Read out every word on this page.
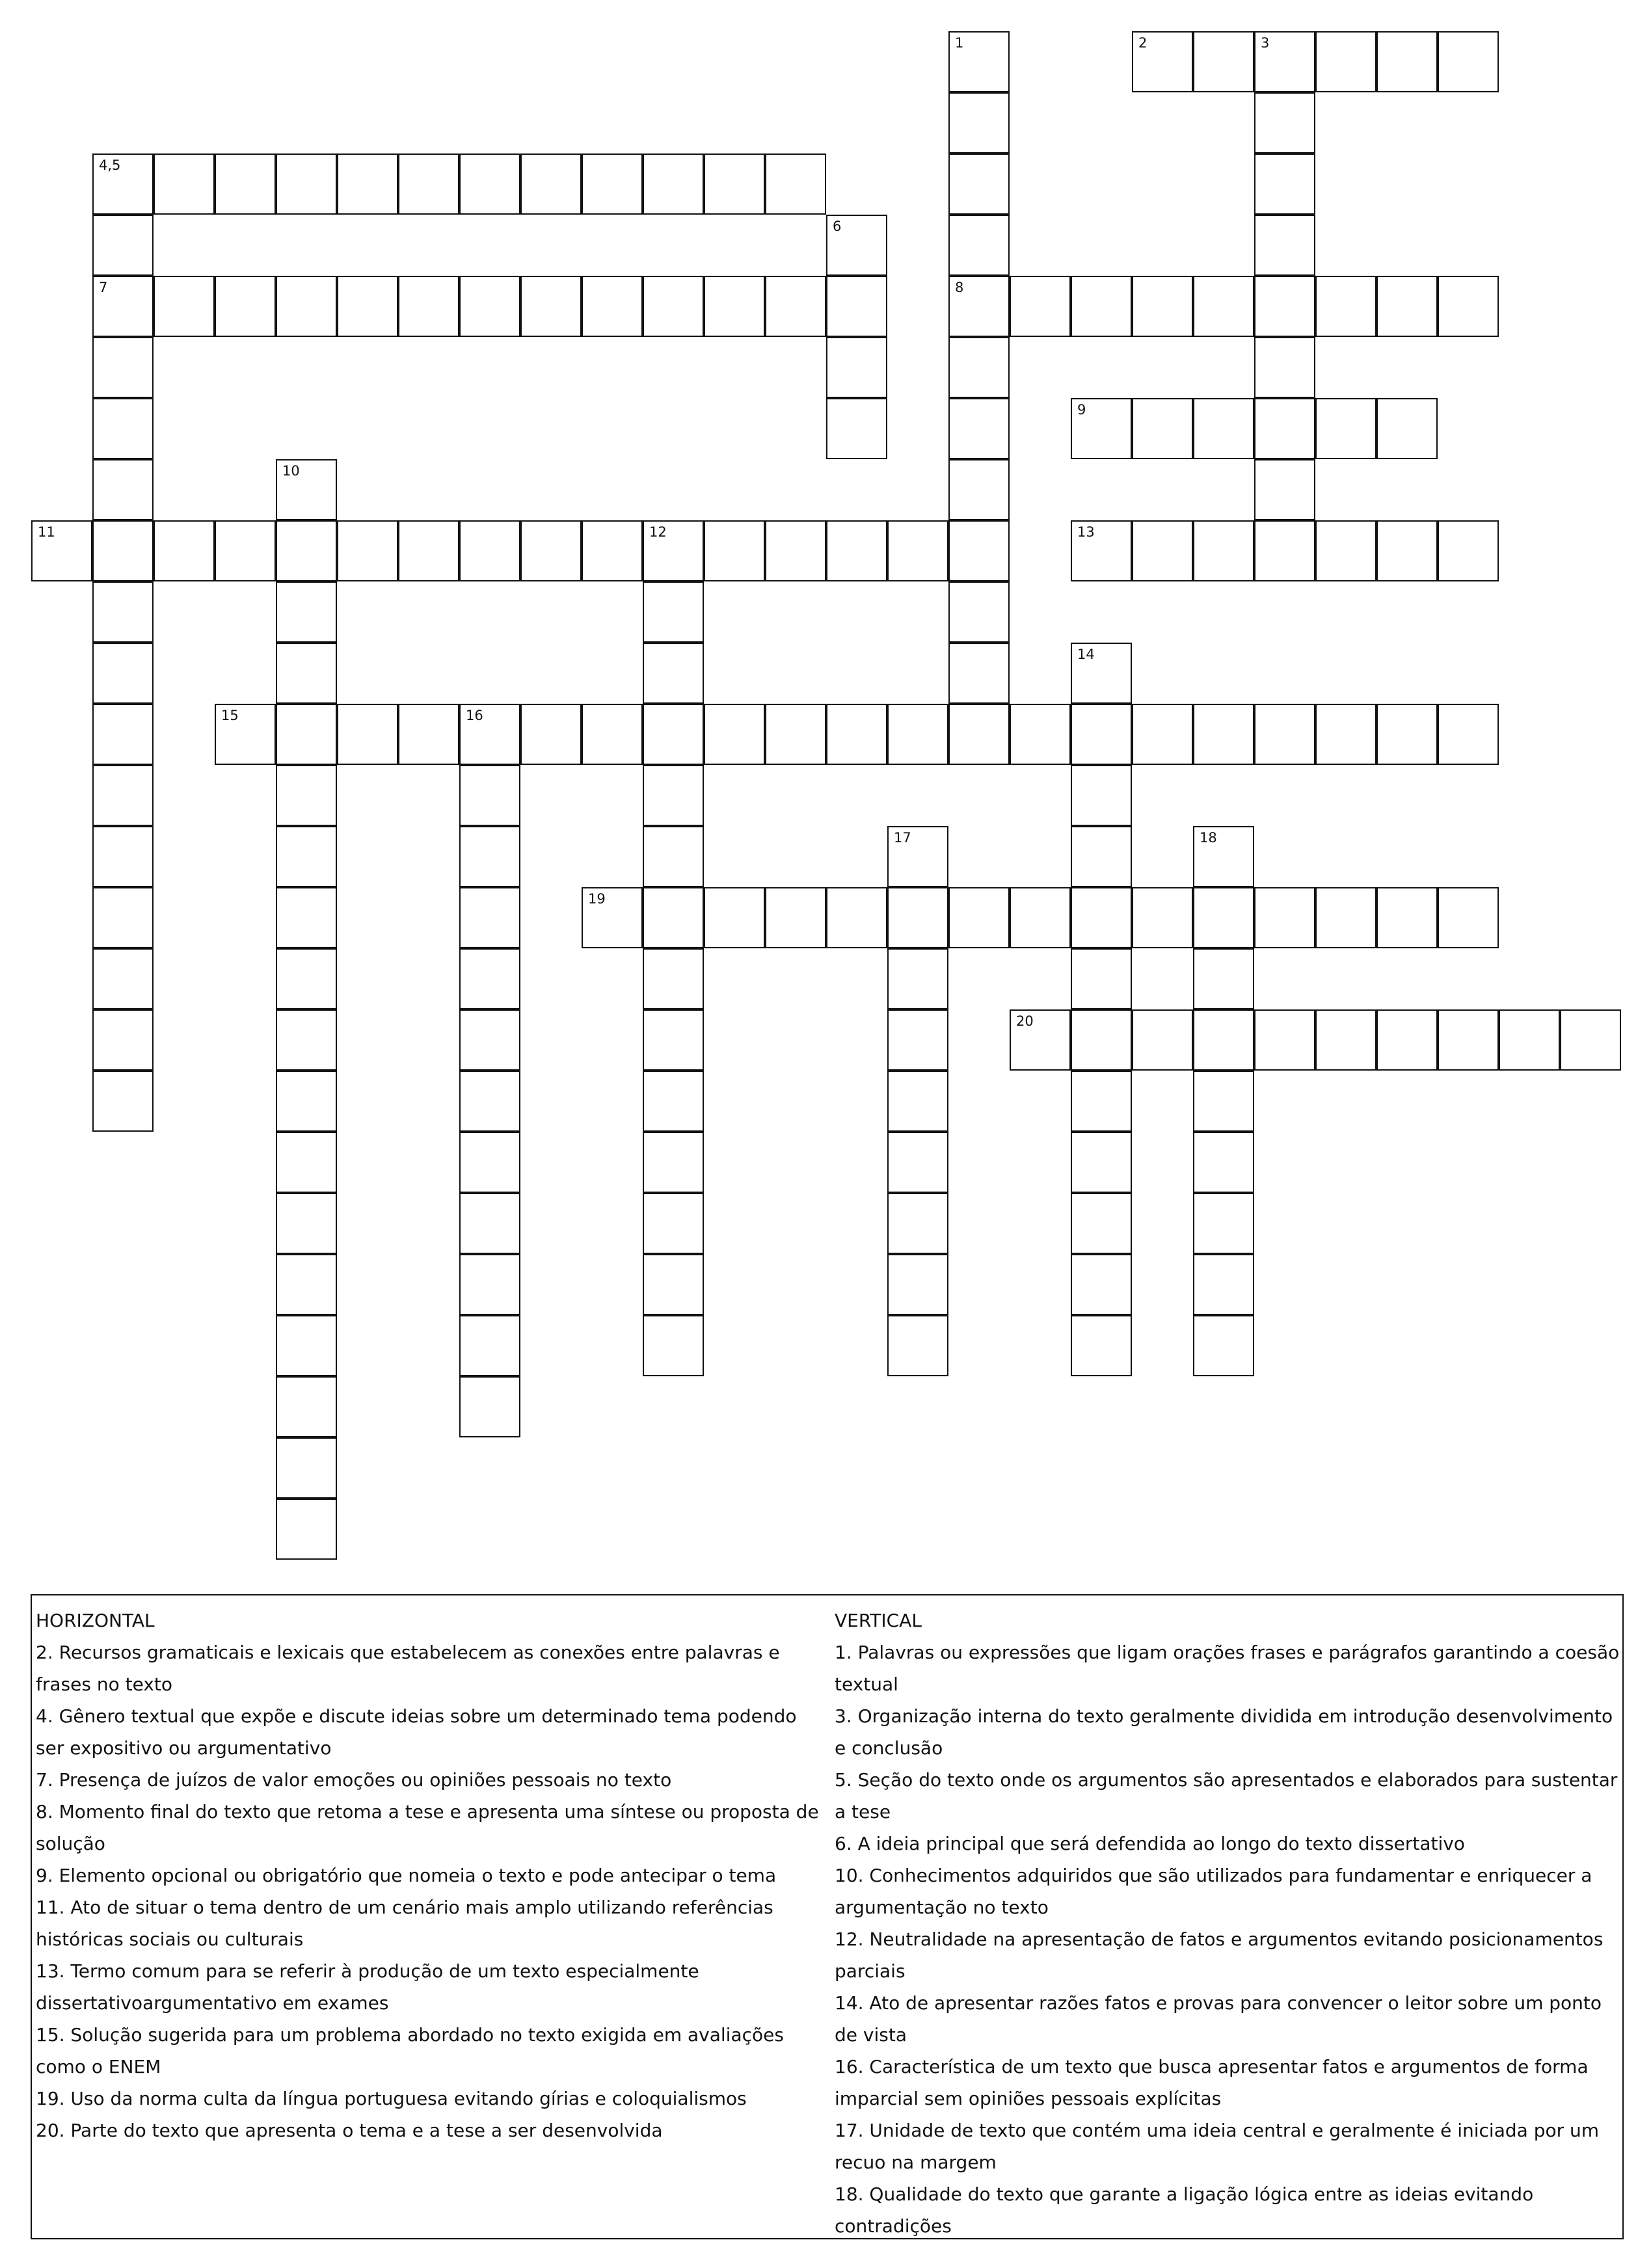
2	3
4,5
7	8
9
11	12	13
15	16
19
20
1
6
10
14
17	18
HORIZONTAL
2. Recursos gramaticais e lexicais que estabelecem as conexões entre palavras e frases no texto
4. Gênero textual que expõe e discute ideias sobre um determinado tema podendo ser expositivo ou argumentativo
7. Presença de juízos de valor emoções ou opiniões pessoais no texto
8. Momento final do texto que retoma a tese e apresenta uma síntese ou proposta de solução
9. Elemento opcional ou obrigatório que nomeia o texto e pode antecipar o tema
11. Ato de situar o tema dentro de um cenário mais amplo utilizando referências históricas sociais ou culturais
13. Termo comum para se referir à produção de um texto especialmente dissertativoargumentativo em exames
15. Solução sugerida para um problema abordado no texto exigida em avaliações como o ENEM
19. Uso da norma culta da língua portuguesa evitando gírias e coloquialismos
20. Parte do texto que apresenta o tema e a tese a ser desenvolvida
VERTICAL
1. Palavras ou expressões que ligam orações frases e parágrafos garantindo a coesão textual
3. Organização interna do texto geralmente dividida em introdução desenvolvimento e conclusão
5. Seção do texto onde os argumentos são apresentados e elaborados para sustentar a tese
6. A ideia principal que será defendida ao longo do texto dissertativo
10. Conhecimentos adquiridos que são utilizados para fundamentar e enriquecer a argumentação no texto
12. Neutralidade na apresentação de fatos e argumentos evitando posicionamentos parciais
14. Ato de apresentar razões fatos e provas para convencer o leitor sobre um ponto de vista
16. Característica de um texto que busca apresentar fatos e argumentos de forma imparcial sem opiniões pessoais explícitas
17. Unidade de texto que contém uma ideia central e geralmente é iniciada por um recuo na margem
18. Qualidade do texto que garante a ligação lógica entre as ideias evitando contradições
